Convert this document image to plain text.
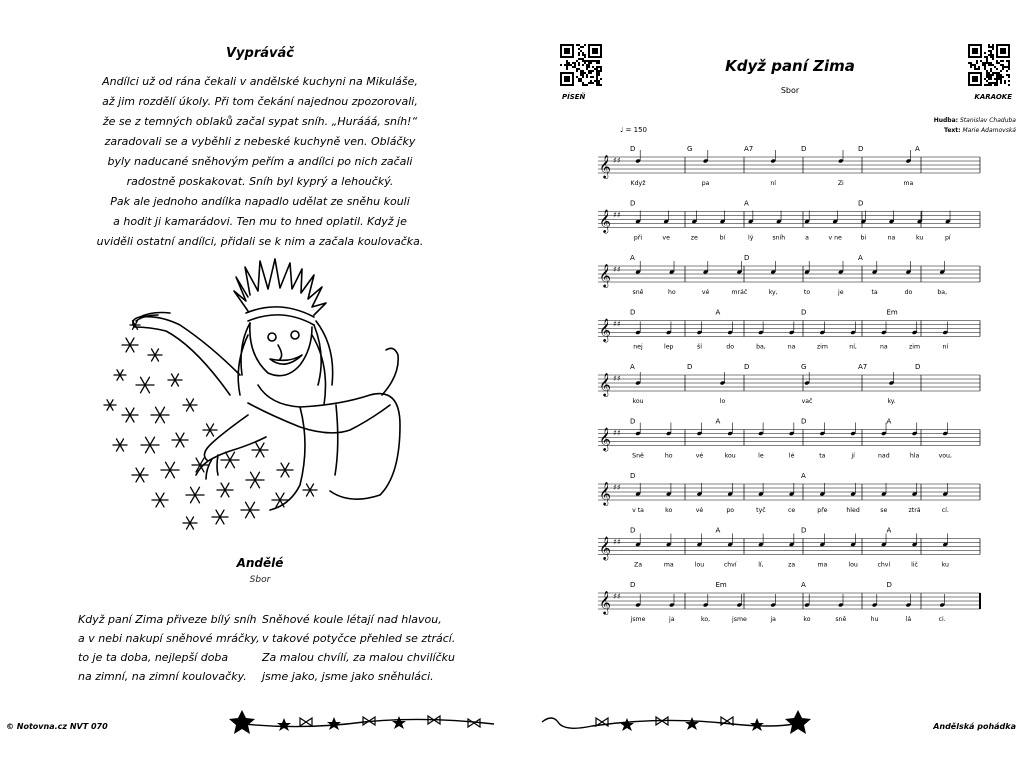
Vypráváč
Andílci už od rána čekali v andělské kuchyni na Mikuláše,
až jim rozdělí úkoly. Při tom čekání najednou zpozorovali,
že se z temných oblaků začal sypat sníh. „Hurááá, sníh!“
zaradovali se a vyběhli z nebeské kuchyně ven. Obláčky
byly naducané sněhovým peřím a andílci po nich začali
radostně poskakovat. Sníh byl kyprý a lehoučký.
Pak ale jednoho andílka napadlo udělat ze sněhu kouli
a hodit ji kamarádovi. Ten mu to hned oplatil. Když je
uviděli ostatní andílci, přidali se k nim a začala koulovačka.
Andělé
Sbor
Když paní Zima přiveze bílý sníh
a v nebi nakupí sněhové mráčky,
to je ta doba, nejlepší doba
na zimní, na zimní koulovačky.
Sněhové koule létají nad hlavou,
v takové potyčce přehled se ztrácí.
Za malou chvílí, za malou chvilíčku
jsme jako, jsme jako sněhuláci.
© Notovna.cz NVT 070	Andělská pohádka
8	9
PÍSEŇ	KARAOKE
Když paní Zima
Sbor
Hudba: Stanislav Chaduba
Text: Marie Adamovská
♩ = 150
𝄞 ♯♯
D	G	A7	D	D	A
Když	pa	ní	Zi	ma
𝄞 ♯♯
D	A	D
při	ve	ze	bí	lý	sníh	a	v ne	bi	na	ku	pí
𝄞 ♯♯
A	D	A
sně	ho	vé	mráč	ky,	to	je	ta	do	ba,
𝄞 ♯♯
D	A	D	Em
nej	lep	ší	do	ba,	na	zim	ní,	na	zim	ní
𝄞 ♯♯
A	D	D	G	A7	D
kou	lo	vač	ky.
𝄞 ♯♯
D	A	D	A
Sně	ho	vé	kou	le	lé	ta	jí	nad	hla	vou,
𝄞 ♯♯
D	A
v ta	ko	vé	po	tyč	ce	pře	hled	se	ztrá	cí.
𝄞 ♯♯
D	A	D	A
Za	ma	lou	chví	lí,	za	ma	lou	chví	lič	ku
𝄞 ♯♯
D	Em	A	D
jsme	ja	ko,	jsme	ja	ko	sně	hu	lá	ci.
